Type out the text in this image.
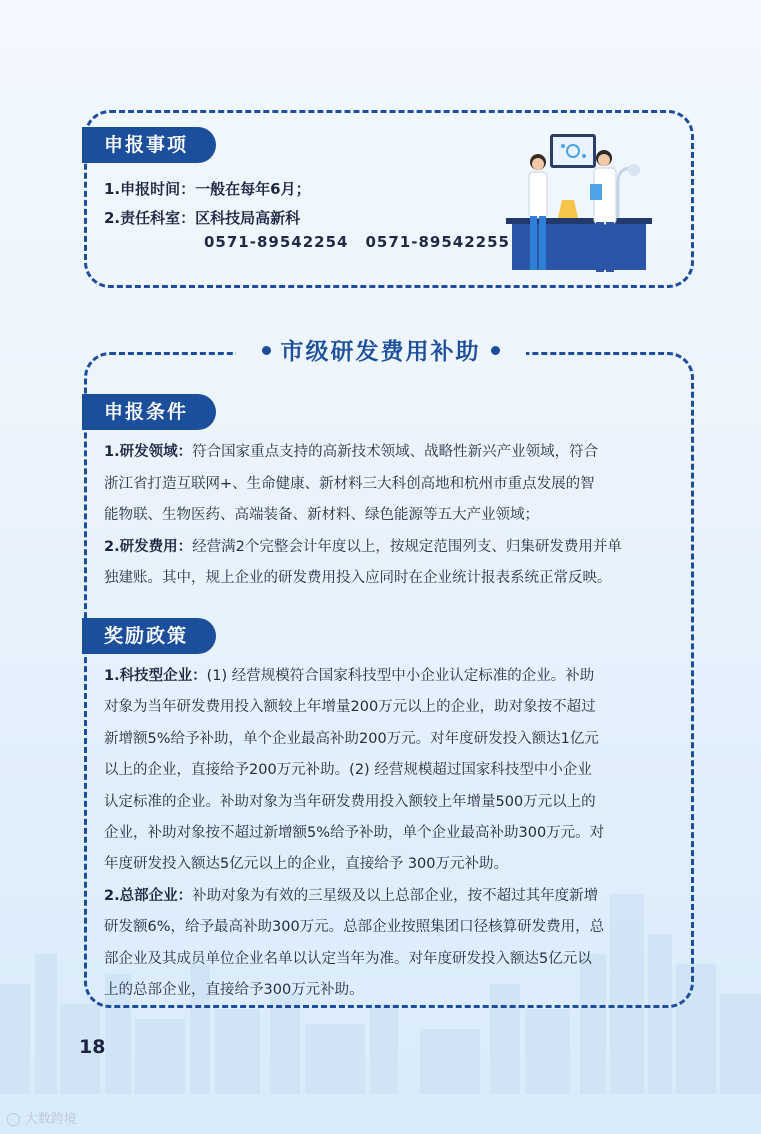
申报事项
1.申报时间：一般在每年6月；
2.责任科室：区科技局高新科
0571-89542254 0571-89542255
市级研发费用补助
申报条件
1.研发领域：符合国家重点支持的高新技术领域、战略性新兴产业领域，符合
浙江省打造互联网+、生命健康、新材料三大科创高地和杭州市重点发展的智
能物联、生物医药、高端装备、新材料、绿色能源等五大产业领域；
2.研发费用：经营满2个完整会计年度以上，按规定范围列支、归集研发费用并单
独建账。其中，规上企业的研发费用投入应同时在企业统计报表系统正常反映。
奖励政策
1.科技型企业：(1) 经营规模符合国家科技型中小企业认定标准的企业。补助
对象为当年研发费用投入额较上年增量200万元以上的企业，助对象按不超过
新增额5%给予补助，单个企业最高补助200万元。对年度研发投入额达1亿元
以上的企业，直接给予200万元补助。(2) 经营规模超过国家科技型中小企业
认定标准的企业。补助对象为当年研发费用投入额较上年增量500万元以上的
企业，补助对象按不超过新增额5%给予补助，单个企业最高补助300万元。对
年度研发投入额达5亿元以上的企业，直接给予 300万元补助。
2.总部企业：补助对象为有效的三星级及以上总部企业，按不超过其年度新增
研发额6%，给予最高补助300万元。总部企业按照集团口径核算研发费用，总
部企业及其成员单位企业名单以认定当年为准。对年度研发投入额达5亿元以
上的总部企业，直接给予300万元补助。
18
◯ 大数跨境
